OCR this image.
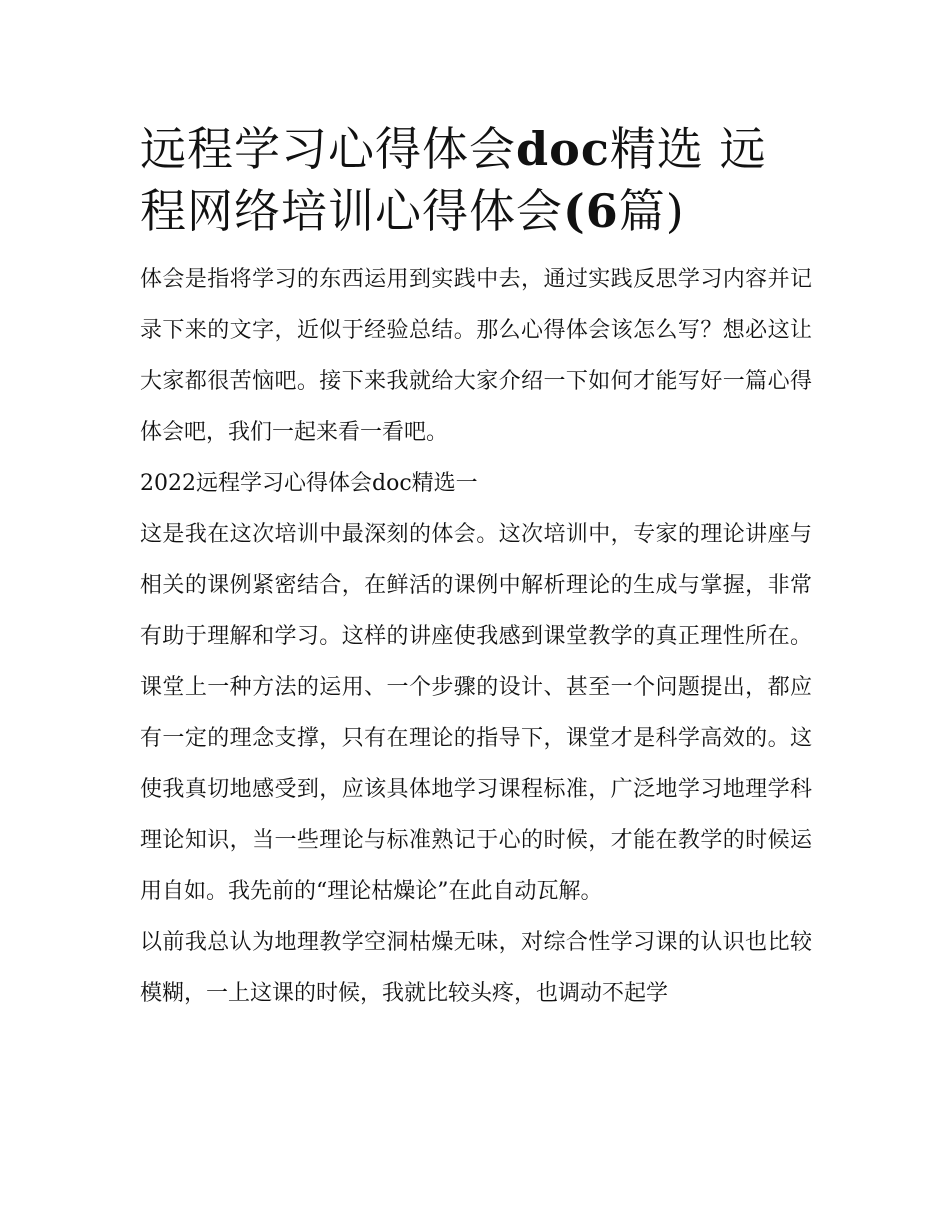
远程学习心得体会doc精选 远程网络培训心得体会(6篇)

体会是指将学习的东西运用到实践中去，通过实践反思学习内容并记录下来的文字，近似于经验总结。那么心得体会该怎么写？想必这让大家都很苦恼吧。接下来我就给大家介绍一下如何才能写好一篇心得体会吧，我们一起来看一看吧。

2022远程学习心得体会doc精选一

这是我在这次培训中最深刻的体会。这次培训中，专家的理论讲座与相关的课例紧密结合，在鲜活的课例中解析理论的生成与掌握，非常有助于理解和学习。这样的讲座使我感到课堂教学的真正理性所在。课堂上一种方法的运用、一个步骤的设计、甚至一个问题提出，都应有一定的理念支撑，只有在理论的指导下，课堂才是科学高效的。这使我真切地感受到，应该具体地学习课程标准，广泛地学习地理学科理论知识，当一些理论与标准熟记于心的时候，才能在教学的时候运用自如。我先前的“理论枯燥论”在此自动瓦解。

以前我总认为地理教学空洞枯燥无味，对综合性学习课的认识也比较模糊，一上这课的时候，我就比较头疼，也调动不起学
